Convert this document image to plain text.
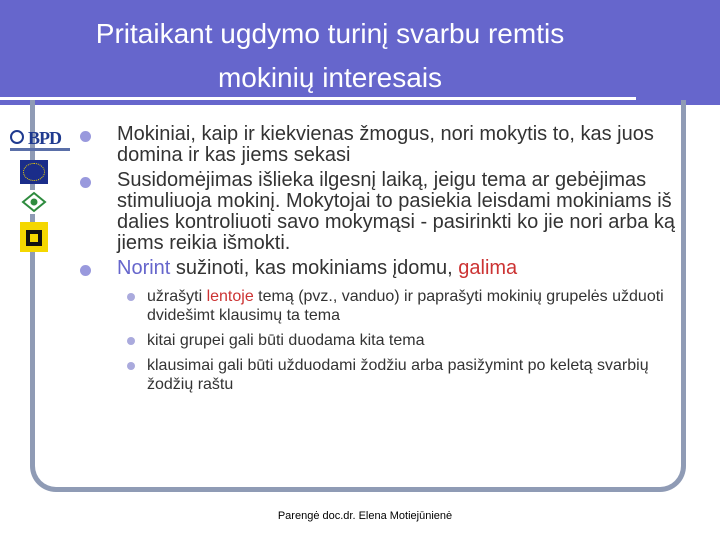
Pritaikant ugdymo turinį svarbu remtis
mokinių interesais
BPD	Mokiniai, kaip ir kiekvienas žmogus, nori mokytis to, kas juos domina ir kas jiems sekasi
Susidomėjimas išlieka ilgesnį laiką, jeigu tema ar gebėjimas stimuliuoja mokinį. Mokytojai to pasiekia leisdami mokiniams iš dalies kontroliuoti savo mokymąsi - pasirinkti ko jie nori arba ką jiems reikia išmokti.
Norint sužinoti, kas mokiniams įdomu, galima
užrašyti lentoje temą (pvz., vanduo) ir paprašyti mokinių grupelės užduoti dvidešimt klausimų ta tema
kitai grupei gali būti duodama kita tema
klausimai gali būti užduodami žodžiu arba pasižymint po keletą svarbių žodžių raštu
Parengė doc.dr. Elena Motiejūnienė
